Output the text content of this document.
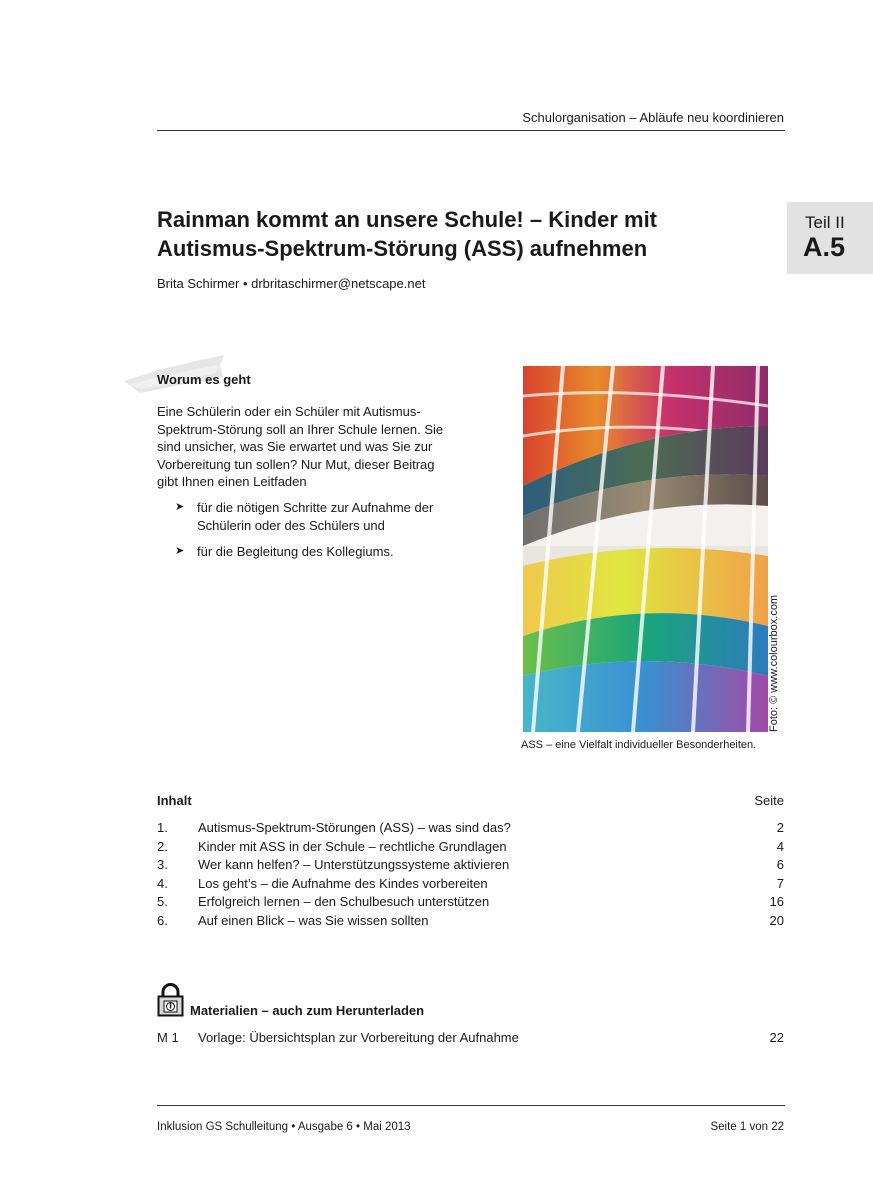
Schulorganisation – Abläufe neu koordinieren
Teil II
A.5
Rainman kommt an unsere Schule! – Kinder mit Autismus-Spektrum-Störung (ASS) aufnehmen
Brita Schirmer • drbritaschirmer@netscape.net
Worum es geht

Eine Schülerin oder ein Schüler mit Autismus-Spektrum-Störung soll an Ihrer Schule lernen. Sie sind unsicher, was Sie erwartet und was Sie zur Vorbereitung tun sollen? Nur Mut, dieser Beitrag gibt Ihnen einen Leitfaden

➤ für die nötigen Schritte zur Aufnahme der Schülerin oder des Schülers und
➤ für die Begleitung des Kollegiums.
Foto: © www.colourbox.com
ASS – eine Vielfalt individueller Besonderheiten.
Inhalt	Seite
1. Autismus-Spektrum-Störungen (ASS) – was sind das?	2
2. Kinder mit ASS in der Schule – rechtliche Grundlagen	4
3. Wer kann helfen? – Unterstützungssysteme aktivieren	6
4. Los geht’s – die Aufnahme des Kindes vorbereiten	7
5. Erfolgreich lernen – den Schulbesuch unterstützen	16
6. Auf einen Blick – was Sie wissen sollten	20
Materialien – auch zum Herunterladen
M 1 Vorlage: Übersichtsplan zur Vorbereitung der Aufnahme	22
Inklusion GS Schulleitung • Ausgabe 6 • Mai 2013	Seite 1 von 22
